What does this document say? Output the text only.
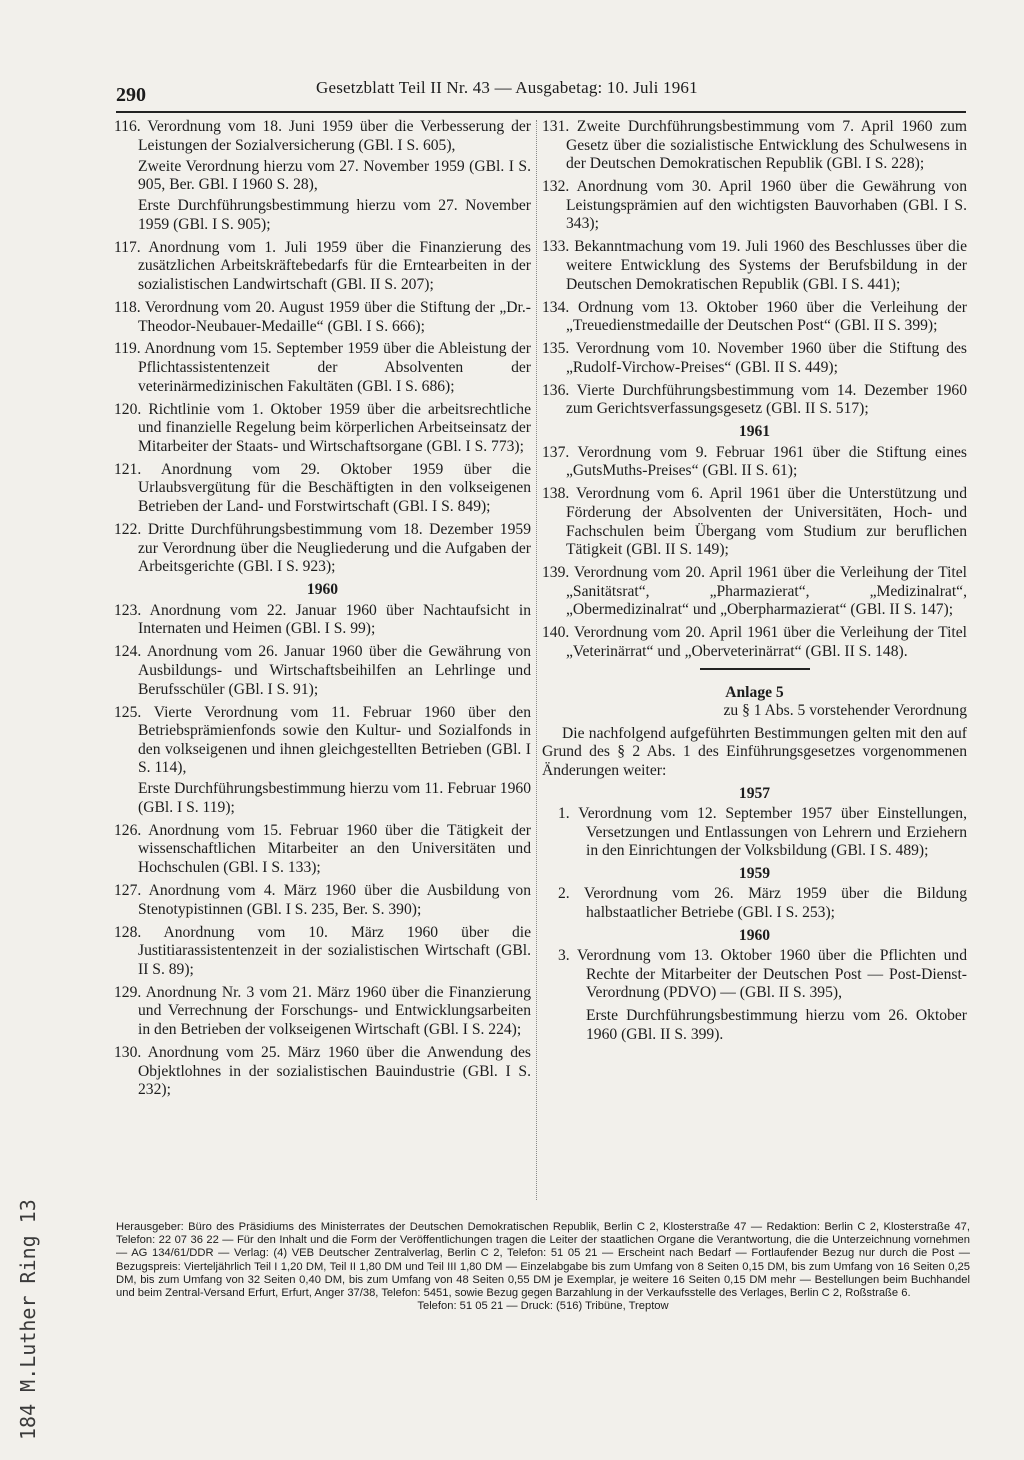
290	Gesetzblatt Teil II Nr. 43 — Ausgabetag: 10. Juli 1961
116. Verordnung vom 18. Juni 1959 über die Verbesserung der Leistungen der Sozialversicherung (GBl. I S. 605),
Zweite Verordnung hierzu vom 27. November 1959 (GBl. I S. 905, Ber. GBl. I 1960 S. 28),
Erste Durchführungsbestimmung hierzu vom 27. November 1959 (GBl. I S. 905);
117. Anordnung vom 1. Juli 1959 über die Finanzierung des zusätzlichen Arbeitskräftebedarfs für die Erntearbeiten in der sozialistischen Landwirtschaft (GBl. II S. 207);
118. Verordnung vom 20. August 1959 über die Stiftung der „Dr.-Theodor-Neubauer-Medaille“ (GBl. I S. 666);
119. Anordnung vom 15. September 1959 über die Ableistung der Pflichtassistentenzeit der Absolventen der veterinärmedizinischen Fakultäten (GBl. I S. 686);
120. Richtlinie vom 1. Oktober 1959 über die arbeitsrechtliche und finanzielle Regelung beim körperlichen Arbeitseinsatz der Mitarbeiter der Staats- und Wirtschaftsorgane (GBl. I S. 773);
121. Anordnung vom 29. Oktober 1959 über die Urlaubsvergütung für die Beschäftigten in den volkseigenen Betrieben der Land- und Forstwirtschaft (GBl. I S. 849);
122. Dritte Durchführungsbestimmung vom 18. Dezember 1959 zur Verordnung über die Neugliederung und die Aufgaben der Arbeitsgerichte (GBl. I S. 923);
1960
123. Anordnung vom 22. Januar 1960 über Nachtaufsicht in Internaten und Heimen (GBl. I S. 99);
124. Anordnung vom 26. Januar 1960 über die Gewährung von Ausbildungs- und Wirtschaftsbeihilfen an Lehrlinge und Berufsschüler (GBl. I S. 91);
125. Vierte Verordnung vom 11. Februar 1960 über den Betriebsprämienfonds sowie den Kultur- und Sozialfonds in den volkseigenen und ihnen gleichgestellten Betrieben (GBl. I S. 114),
Erste Durchführungsbestimmung hierzu vom 11. Februar 1960 (GBl. I S. 119);
126. Anordnung vom 15. Februar 1960 über die Tätigkeit der wissenschaftlichen Mitarbeiter an den Universitäten und Hochschulen (GBl. I S. 133);
127. Anordnung vom 4. März 1960 über die Ausbildung von Stenotypistinnen (GBl. I S. 235, Ber. S. 390);
128. Anordnung vom 10. März 1960 über die Justitiarassistentenzeit in der sozialistischen Wirtschaft (GBl. II S. 89);
129. Anordnung Nr. 3 vom 21. März 1960 über die Finanzierung und Verrechnung der Forschungs- und Entwicklungsarbeiten in den Betrieben der volkseigenen Wirtschaft (GBl. I S. 224);
130. Anordnung vom 25. März 1960 über die Anwendung des Objektlohnes in der sozialistischen Bauindustrie (GBl. I S. 232);
131. Zweite Durchführungsbestimmung vom 7. April 1960 zum Gesetz über die sozialistische Entwicklung des Schulwesens in der Deutschen Demokratischen Republik (GBl. I S. 228);
132. Anordnung vom 30. April 1960 über die Gewährung von Leistungsprämien auf den wichtigsten Bauvorhaben (GBl. I S. 343);
133. Bekanntmachung vom 19. Juli 1960 des Beschlusses über die weitere Entwicklung des Systems der Berufsbildung in der Deutschen Demokratischen Republik (GBl. I S. 441);
134. Ordnung vom 13. Oktober 1960 über die Verleihung der „Treuedienstmedaille der Deutschen Post“ (GBl. II S. 399);
135. Verordnung vom 10. November 1960 über die Stiftung des „Rudolf-Virchow-Preises“ (GBl. II S. 449);
136. Vierte Durchführungsbestimmung vom 14. Dezember 1960 zum Gerichtsverfassungsgesetz (GBl. II S. 517);
1961
137. Verordnung vom 9. Februar 1961 über die Stiftung eines „GutsMuths-Preises“ (GBl. II S. 61);
138. Verordnung vom 6. April 1961 über die Unterstützung und Förderung der Absolventen der Universitäten, Hoch- und Fachschulen beim Übergang vom Studium zur beruflichen Tätigkeit (GBl. II S. 149);
139. Verordnung vom 20. April 1961 über die Verleihung der Titel „Sanitätsrat“, „Pharmazierat“, „Medizinalrat“, „Obermedizinalrat“ und „Oberpharmazierat“ (GBl. II S. 147);
140. Verordnung vom 20. April 1961 über die Verleihung der Titel „Veterinärrat“ und „Oberveterinärrat“ (GBl. II S. 148).
Anlage 5
zu § 1 Abs. 5 vorstehender Verordnung
Die nachfolgend aufgeführten Bestimmungen gelten mit den auf Grund des § 2 Abs. 1 des Einführungsgesetzes vorgenommenen Änderungen weiter:
1957
1. Verordnung vom 12. September 1957 über Einstellungen, Versetzungen und Entlassungen von Lehrern und Erziehern in den Einrichtungen der Volksbildung (GBl. I S. 489);
1959
2. Verordnung vom 26. März 1959 über die Bildung halbstaatlicher Betriebe (GBl. I S. 253);
1960
3. Verordnung vom 13. Oktober 1960 über die Pflichten und Rechte der Mitarbeiter der Deutschen Post — Post-Dienst-Verordnung (PDVO) — (GBl. II S. 395),
Erste Durchführungsbestimmung hierzu vom 26. Oktober 1960 (GBl. II S. 399).
Herausgeber: Büro des Präsidiums des Ministerrates der Deutschen Demokratischen Republik, Berlin C 2, Klosterstraße 47 — Redaktion: Berlin C 2, Klosterstraße 47, Telefon: 22 07 36 22 — Für den Inhalt und die Form der Veröffentlichungen tragen die Leiter der staatlichen Organe die Verantwortung, die die Unterzeichnung vornehmen — AG 134/61/DDR — Verlag: (4) VEB Deutscher Zentralverlag, Berlin C 2, Telefon: 51 05 21 — Erscheint nach Bedarf — Fortlaufender Bezug nur durch die Post — Bezugspreis: Vierteljährlich Teil I 1,20 DM, Teil II 1,80 DM und Teil III 1,80 DM — Einzelabgabe bis zum Umfang von 8 Seiten 0,15 DM, bis zum Umfang von 16 Seiten 0,25 DM, bis zum Umfang von 32 Seiten 0,40 DM, bis zum Umfang von 48 Seiten 0,55 DM je Exemplar, je weitere 16 Seiten 0,15 DM mehr — Bestellungen beim Buchhandel und beim Zentral-Versand Erfurt, Erfurt, Anger 37/38, Telefon: 5451, sowie Bezug gegen Barzahlung in der Verkaufsstelle des Verlages, Berlin C 2, Roßstraße 6.
Telefon: 51 05 21 — Druck: (516) Tribüne, Treptow
184 M.Luther Ring 13
